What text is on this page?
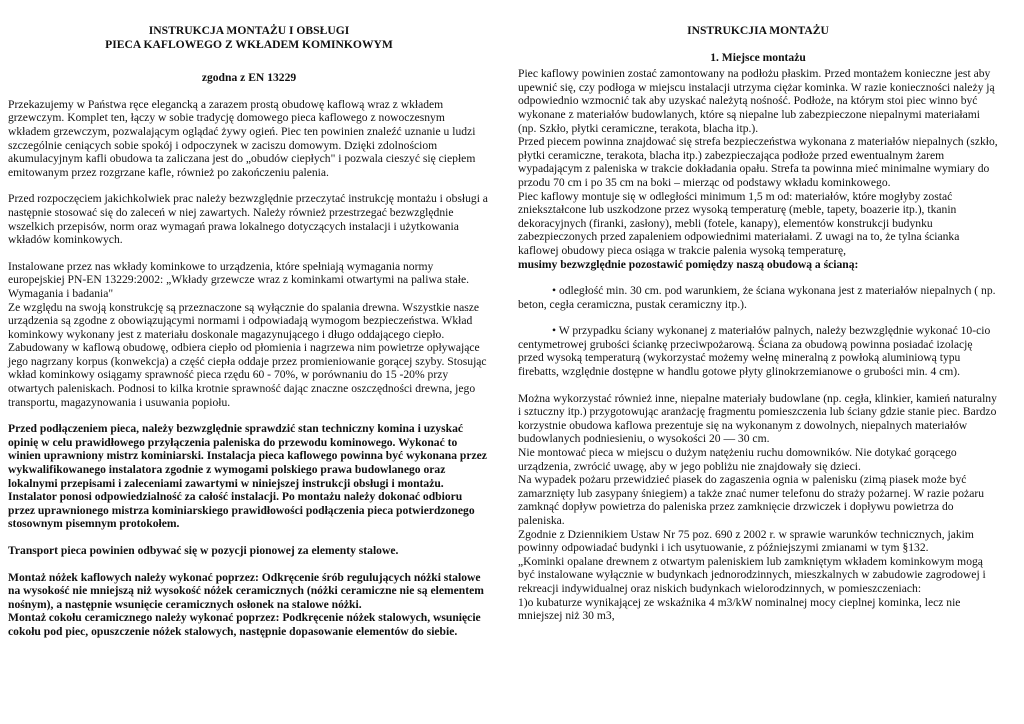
INSTRUKCJA MONTAŻU I OBSŁUGI

PIECA KAFLOWEGO Z WKŁADEM KOMINKOWYM

zgodna z EN 13229

Przekazujemy w Państwa ręce elegancką a zarazem prostą obudowę kaflową wraz z wkładem grzewczym. Komplet ten, łączy w sobie tradycję domowego pieca kaflowego z nowoczesnym wkładem grzewczym, pozwalającym oglądać żywy ogień. Piec ten powinien znaleźć uznanie u ludzi szczególnie ceniących sobie spokój i odpoczynek w zaciszu domowym. Dzięki zdolnościom akumulacyjnym kafli obudowa ta zaliczana jest do „obudów ciepłych" i pozwala cieszyć się ciepłem emitowanym przez rozgrzane kafle, również po zakończeniu palenia.

Przed rozpoczęciem jakichkolwiek prac należy bezwzględnie przeczytać instrukcję montażu i obsługi a następnie stosować się do zaleceń w niej zawartych. Należy również przestrzegać bezwzględnie wszelkich przepisów, norm oraz wymagań prawa lokalnego dotyczących instalacji i użytkowania wkładów kominkowych.

Instalowane przez nas wkłady kominkowe to urządzenia, które spełniają wymagania normy europejskiej PN-EN 13229:2002: „Wkłady grzewcze wraz z kominkami otwartymi na paliwa stałe. Wymagania i badania"
Ze względu na swoją konstrukcję są przeznaczone są wyłącznie do spalania drewna. Wszystkie nasze urządzenia są zgodne z obowiązującymi normami i odpowiadają wymogom bezpieczeństwa. Wkład kominkowy wykonany jest z materiału doskonale magazynującego i długo oddającego ciepło. Zabudowany w kaflową obudowę, odbiera ciepło od płomienia i nagrzewa nim powietrze opływające jego nagrzany korpus (konwekcja) a część ciepła oddaje przez promieniowanie gorącej szyby. Stosując wkład kominkowy osiągamy sprawność pieca rzędu 60 - 70%, w porównaniu do 15 -20% przy otwartych paleniskach. Podnosi to kilka krotnie sprawność dając znaczne oszczędności drewna, jego transportu, magazynowania i usuwania popiołu.

Przed podłączeniem pieca, należy bezwzględnie sprawdzić stan techniczny komina i uzyskać opinię w celu prawidłowego przyłączenia paleniska do przewodu kominowego. Wykonać to winien uprawniony mistrz kominiarski. Instalacja pieca kaflowego powinna być wykonana przez wykwalifikowanego instalatora zgodnie z wymogami polskiego prawa budowlanego oraz lokalnymi przepisami i zaleceniami zawartymi w niniejszej instrukcji obsługi i montażu. Instalator ponosi odpowiedzialność za całość instalacji. Po montażu należy dokonać odbioru przez uprawnionego mistrza kominiarskiego prawidłowości podłączenia pieca potwierdzonego stosownym pisemnym protokołem.

Transport pieca powinien odbywać się w pozycji pionowej za elementy stalowe.

Montaż nóżek kaflowych należy wykonać poprzez: Odkręcenie śrób regulujących nóżki stalowe na wysokość nie mniejszą niż wysokość nóżek ceramicznych (nóżki ceramiczne nie są elementem nośnym), a następnie wsunięcie ceramicznych osłonek na stalowe nóżki.
Montaż cokołu ceramicznego należy wykonać poprzez: Podkręcenie nóżek stalowych, wsunięcie cokołu pod piec, opuszczenie nóżek stalowych, następnie dopasowanie elementów do siebie.

INSTRUKCJIA MONTAŻU

1. Miejsce montażu

Piec kaflowy powinien zostać zamontowany na podłożu płaskim. Przed montażem konieczne jest aby upewnić się, czy podłoga w miejscu instalacji utrzyma ciężar kominka. W razie konieczności należy ją odpowiednio wzmocnić tak aby uzyskać należytą nośność. Podłoże, na którym stoi piec winno być wykonane z materiałów budowlanych, które są niepalne lub zabezpieczone niepalnymi materiałami (np. Szkło, płytki ceramiczne, terakota, blacha itp.).
Przed piecem powinna znajdować się strefa bezpieczeństwa wykonana z materiałów niepalnych (szkło, płytki ceramiczne, terakota, blacha itp.) zabezpieczająca podłoże przed ewentualnym żarem wypadającym z paleniska w trakcie dokładania opału. Strefa ta powinna mieć minimalne wymiary do przodu 70 cm i po 35 cm na boki – mierząc od podstawy wkładu kominkowego.
Piec kaflowy montuje się w odległości minimum 1,5 m od: materiałów, które mogłyby zostać zniekształcone lub uszkodzone przez wysoką temperaturę (meble, tapety, boazerie itp.), tkanin dekoracyjnych (firanki, zasłony), mebli (fotele, kanapy), elementów konstrukcji budynku zabezpieczonych przed zapaleniem odpowiednimi materiałami. Z uwagi na to, że tylna ścianka kaflowej obudowy pieca osiąga w trakcie palenia wysoką temperaturę,

musimy bezwzględnie pozostawić pomiędzy naszą obudową a ścianą:

• odległość min. 30 cm. pod warunkiem, że ściana wykonana jest z materiałów niepalnych ( np. beton, cegła ceramiczna, pustak ceramiczny itp.).

• W przypadku ściany wykonanej z materiałów palnych, należy bezwzględnie wykonać 10-cio centymetrowej grubości ściankę przeciwpożarową. Ściana za obudową powinna posiadać izolację przed wysoką temperaturą (wykorzystać możemy wełnę mineralną z powłoką aluminiową typu firebatts, względnie dostępne w handlu gotowe płyty glinokrzemianowe o grubości min. 4 cm).

Można wykorzystać również inne, niepalne materiały budowlane (np. cegła, klinkier, kamień naturalny i sztuczny itp.) przygotowując aranżację fragmentu pomieszczenia lub ściany gdzie stanie piec. Bardzo korzystnie obudowa kaflowa prezentuje się na wykonanym z dowolnych, niepalnych materiałów budowlanych podniesieniu, o wysokości 20 — 30 cm.
Nie montować pieca w miejscu o dużym natężeniu ruchu domowników. Nie dotykać gorącego urządzenia, zwrócić uwagę, aby w jego pobliżu nie znajdowały się dzieci.
Na wypadek pożaru przewidzieć piasek do zagaszenia ognia w palenisku (zimą piasek może być zamarznięty lub zasypany śniegiem) a także znać numer telefonu do straży pożarnej. W razie pożaru zamknąć dopływ powietrza do paleniska przez zamknięcie drzwiczek i dopływu powietrza do paleniska.
Zgodnie z Dziennikiem Ustaw Nr 75 poz. 690 z 2002 r. w sprawie warunków technicznych, jakim powinny odpowiadać budynki i ich usytuowanie, z późniejszymi zmianami w tym §132.
„Kominki opalane drewnem z otwartym paleniskiem lub zamkniętym wkładem kominkowym mogą być instalowane wyłącznie w budynkach jednorodzinnych, mieszkalnych w zabudowie zagrodowej i rekreacji indywidualnej oraz niskich budynkach wielorodzinnych, w pomieszczeniach:
1)o kubaturze wynikającej ze wskaźnika 4 m3/kW nominalnej mocy cieplnej kominka, lecz nie mniejszej niż 30 m3,
